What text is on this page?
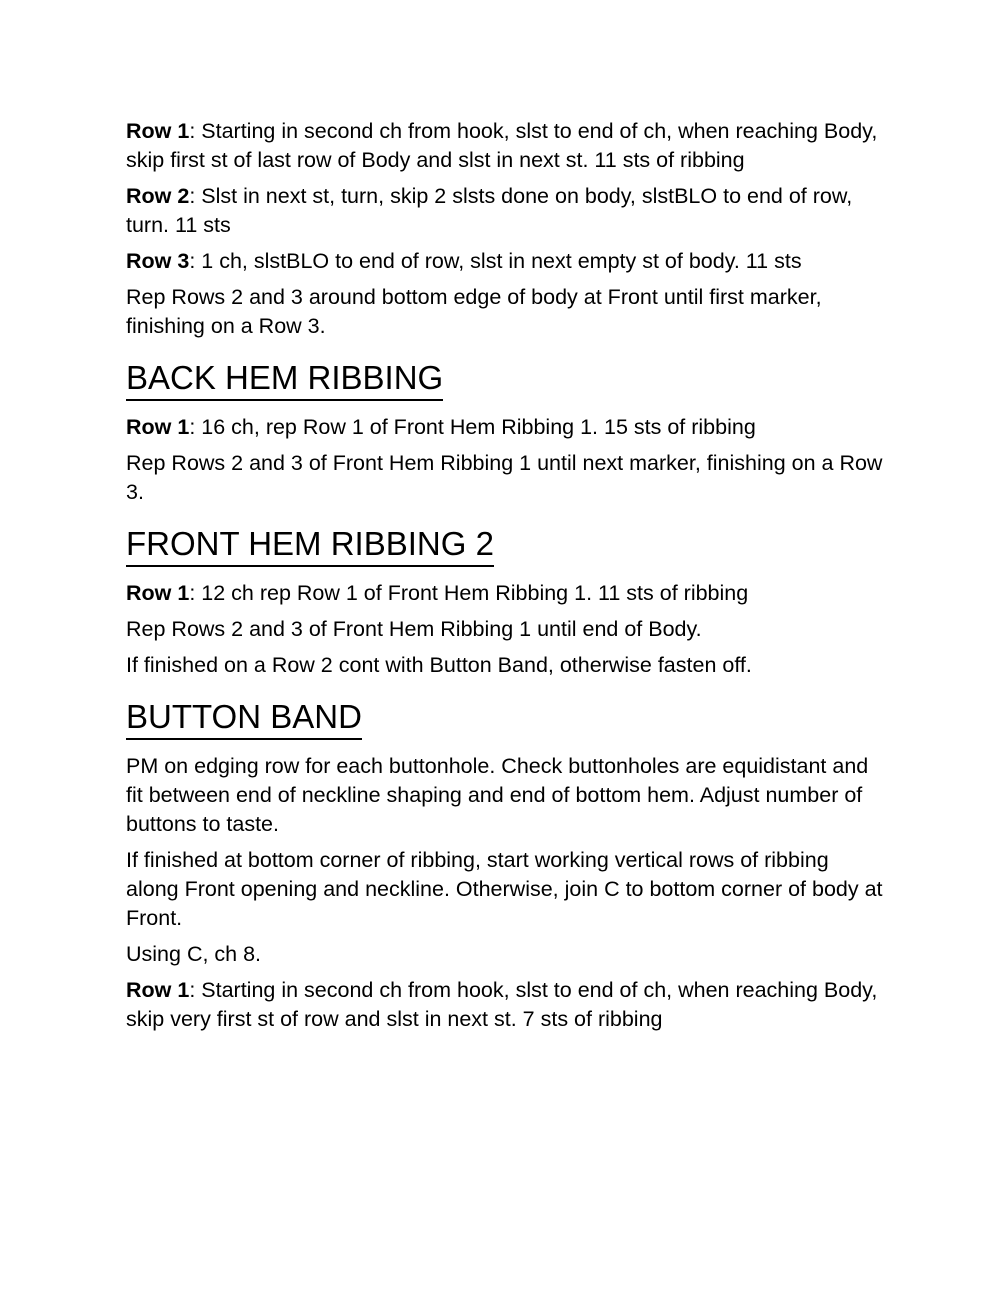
Row 1: Starting in second ch from hook, slst to end of ch, when reaching Body, skip first st of last row of Body and slst in next st. 11 sts of ribbing

Row 2: Slst in next st, turn, skip 2 slsts done on body, slstBLO to end of row, turn. 11 sts

Row 3: 1 ch, slstBLO to end of row, slst in next empty st of body. 11 sts

Rep Rows 2 and 3 around bottom edge of body at Front until first marker, finishing on a Row 3.

BACK HEM RIBBING

Row 1: 16 ch, rep Row 1 of Front Hem Ribbing 1. 15 sts of ribbing

Rep Rows 2 and 3 of Front Hem Ribbing 1 until next marker, finishing on a Row 3.

FRONT HEM RIBBING 2

Row 1: 12 ch rep Row 1 of Front Hem Ribbing 1. 11 sts of ribbing

Rep Rows 2 and 3 of Front Hem Ribbing 1 until end of Body.

If finished on a Row 2 cont with Button Band, otherwise fasten off.

BUTTON BAND

PM on edging row for each buttonhole. Check buttonholes are equidistant and fit between end of neckline shaping and end of bottom hem. Adjust number of buttons to taste.

If finished at bottom corner of ribbing, start working vertical rows of ribbing along Front opening and neckline. Otherwise, join C to bottom corner of body at Front.

Using C, ch 8.

Row 1: Starting in second ch from hook, slst to end of ch, when reaching Body, skip very first st of row and slst in next st. 7 sts of ribbing
